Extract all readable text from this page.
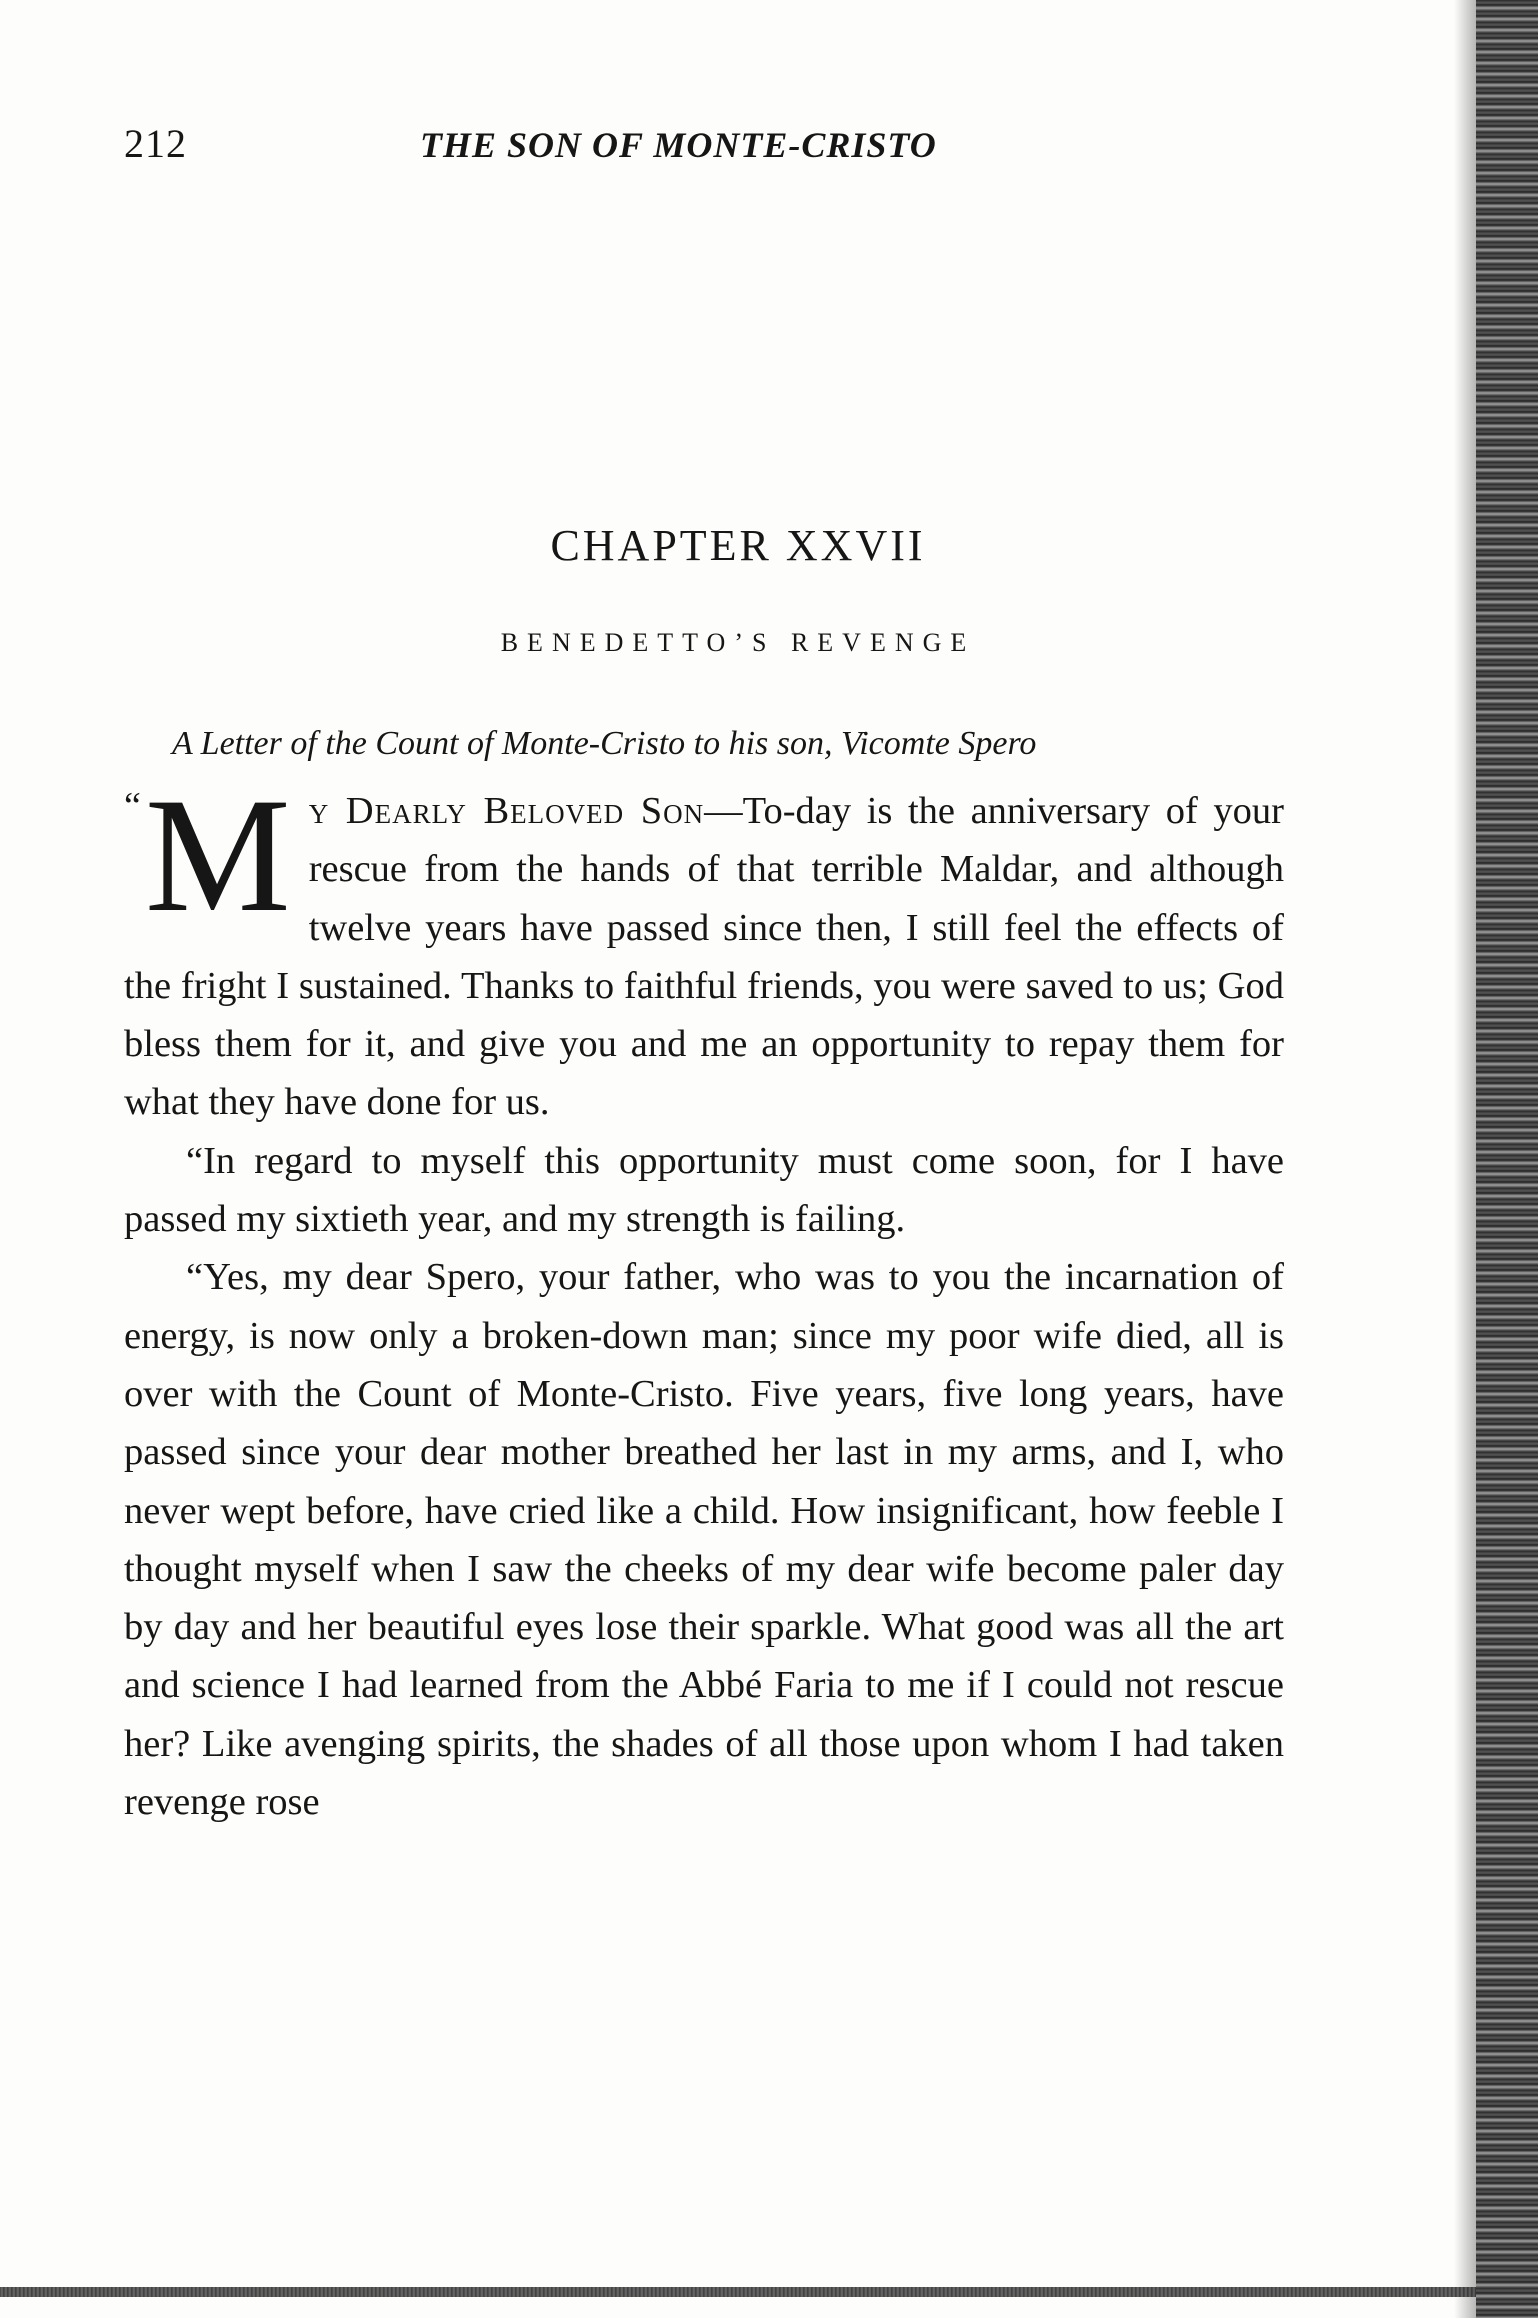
212	THE SON OF MONTE-CRISTO
CHAPTER XXVII
BENEDETTO’S REVENGE
A Letter of the Count of Monte-Cristo to his son, Vicomte Spero

“ M y Dearly Beloved Son—To-day is the anniversary of your rescue from the hands of that terrible Maldar, and although twelve years have passed since then, I still feel the effects of the fright I sustained. Thanks to faithful friends, you were saved to us; God bless them for it, and give you and me an opportunity to repay them for what they have done for us.

“In regard to myself this opportunity must come soon, for I have passed my sixtieth year, and my strength is failing.

“Yes, my dear Spero, your father, who was to you the incarnation of energy, is now only a broken-down man; since my poor wife died, all is over with the Count of Monte-Cristo. Five years, five long years, have passed since your dear mother breathed her last in my arms, and I, who never wept before, have cried like a child. How insignificant, how feeble I thought myself when I saw the cheeks of my dear wife become paler day by day and her beautiful eyes lose their sparkle. What good was all the art and science I had learned from the Abbé Faria to me if I could not rescue her? Like avenging spirits, the shades of all those upon whom I had taken revenge rose
